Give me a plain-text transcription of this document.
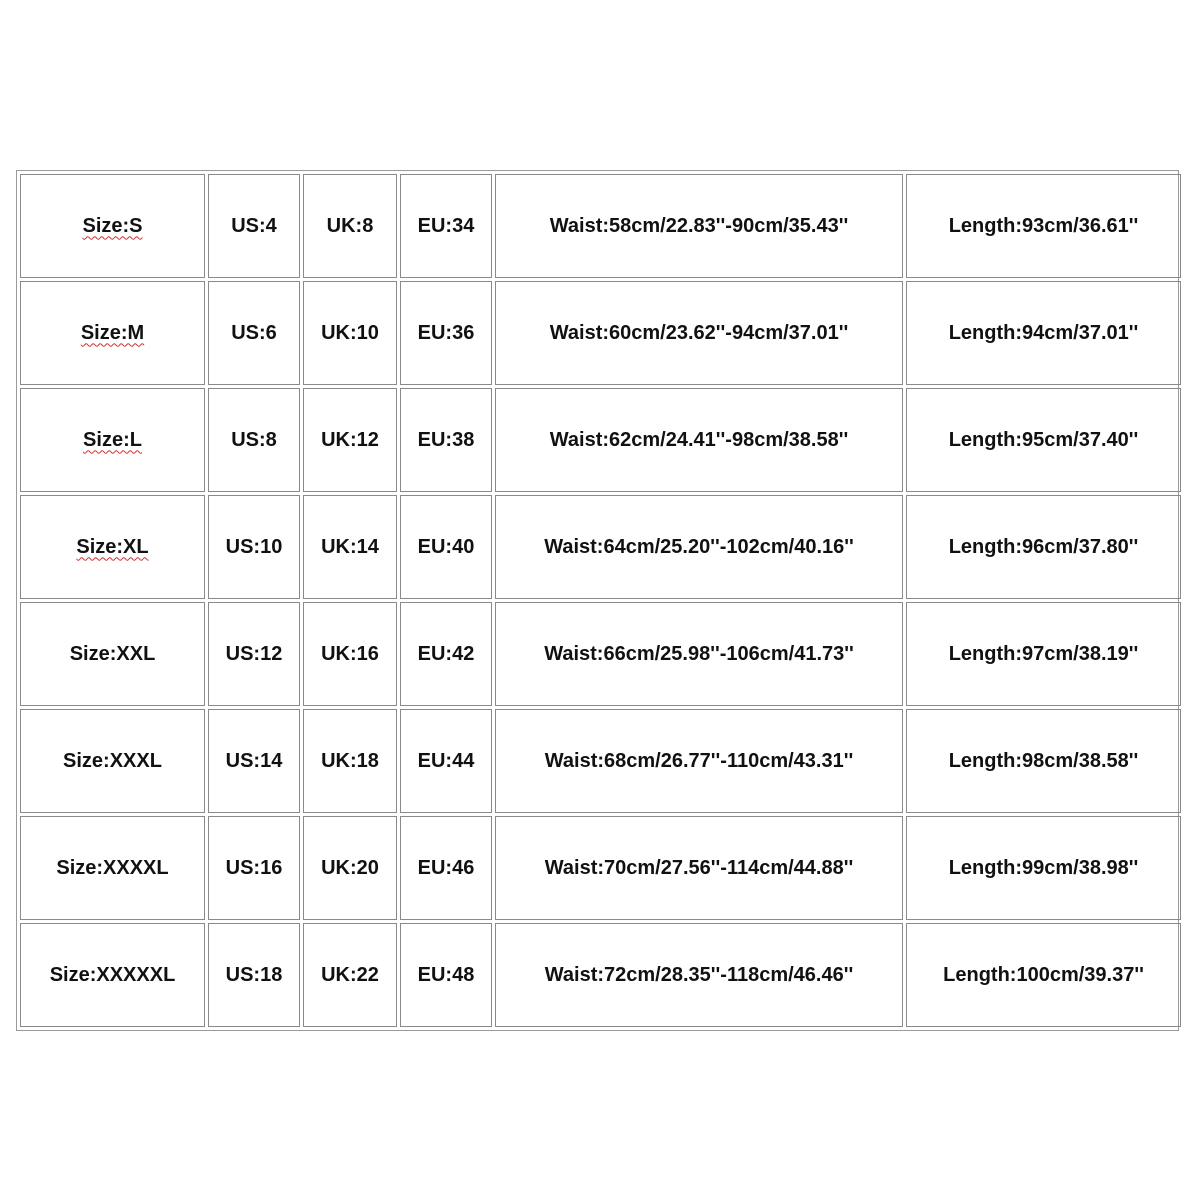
Size:S	US:4	UK:8	EU:34	Waist:58cm/22.83''-90cm/35.43''	Length:93cm/36.61''
Size:M	US:6	UK:10	EU:36	Waist:60cm/23.62''-94cm/37.01''	Length:94cm/37.01''
Size:L	US:8	UK:12	EU:38	Waist:62cm/24.41''-98cm/38.58''	Length:95cm/37.40''
Size:XL	US:10	UK:14	EU:40	Waist:64cm/25.20''-102cm/40.16''	Length:96cm/37.80''
Size:XXL	US:12	UK:16	EU:42	Waist:66cm/25.98''-106cm/41.73''	Length:97cm/38.19''
Size:XXXL	US:14	UK:18	EU:44	Waist:68cm/26.77''-110cm/43.31''	Length:98cm/38.58''
Size:XXXXL	US:16	UK:20	EU:46	Waist:70cm/27.56''-114cm/44.88''	Length:99cm/38.98''
Size:XXXXXL	US:18	UK:22	EU:48	Waist:72cm/28.35''-118cm/46.46''	Length:100cm/39.37''
